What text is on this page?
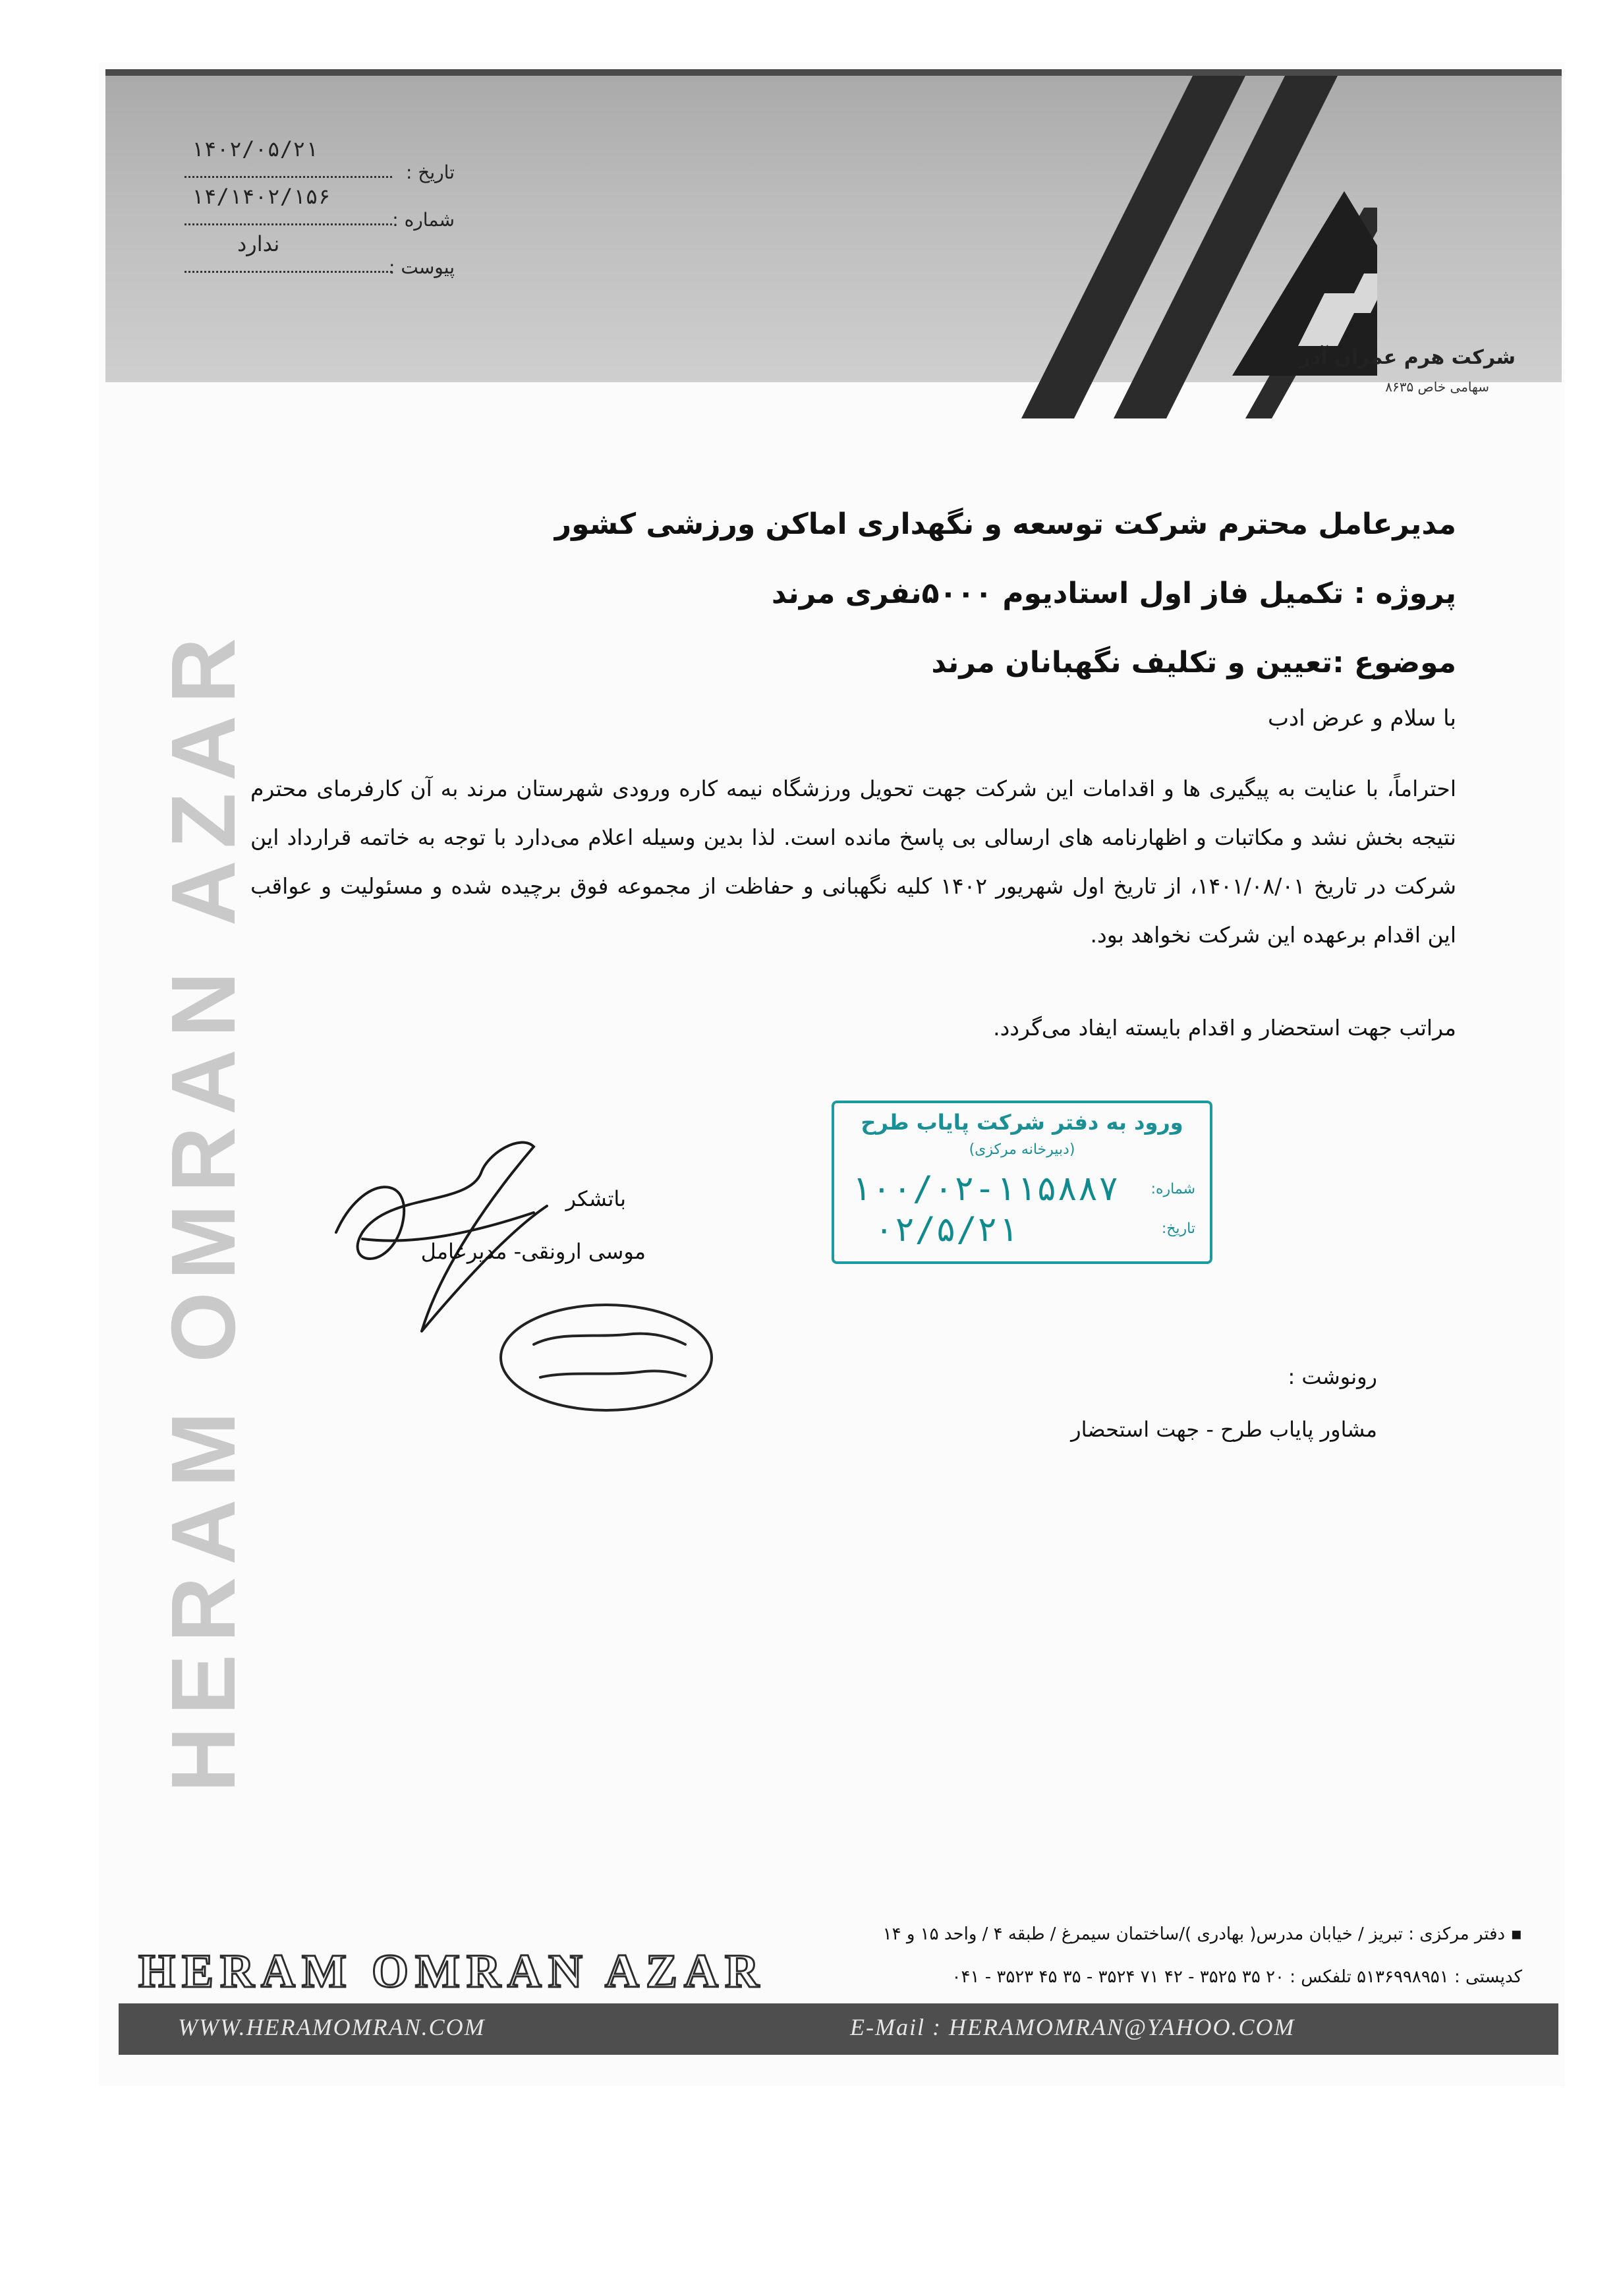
تاریخ :
۱۴۰۲/۰۵/۲۱
شماره :
۱۴/۱۴۰۲/۱۵۶
پیوست :
ندارد
شرکت هرم عمران آذر
سهامی خاص ۸۶۳۵
HERAM OMRAN AZAR
مدیرعامل محترم شرکت توسعه و نگهداری اماکن ورزشی کشور
پروژه : تکمیل فاز اول استادیوم ۵۰۰۰نفری مرند
موضوع :تعیین و تکلیف نگهبانان مرند
با سلام و عرض ادب
احتراماً، با عنایت به پیگیری ها و اقدامات این شرکت جهت تحویل ورزشگاه نیمه کاره ورودی شهرستان مرند به آن کارفرمای محترم نتیجه بخش نشد و مکاتبات و اظهارنامه های ارسالی بی پاسخ مانده است. لذا بدین وسیله اعلام می‌دارد با توجه به خاتمه قرارداد این شرکت در تاریخ ۱۴۰۱/۰۸/۰۱، از تاریخ اول شهریور ۱۴۰۲ کلیه نگهبانی و حفاظت از مجموعه فوق برچیده شده و مسئولیت و عواقب این اقدام برعهده این شرکت نخواهد بود.
مراتب جهت استحضار و اقدام بایسته ایفاد می‌گردد.
ورود به دفتر شرکت پایاب طرح
(دبیرخانه مرکزی)
شماره:
۱۰۰/۰۲-۱۱۵۸۸۷
تاریخ:
۰۲/۵/۲۱
باتشکر
موسی ارونقی- مدیرعامل
رونوشت :
مشاور پایاب طرح - جهت استحضار
HERAM OMRAN AZAR
▪ دفتر مرکزی : تبریز / خیابان مدرس( بهادری )/ساختمان سیمرغ / طبقه ۴ / واحد ۱۵ و ۱۴
کدپستی : ۵۱۳۶۹۹۸۹۵۱ تلفکس : ۲۰ ۳۵ ۳۵۲۵ - ۴۲ ۷۱ ۳۵۲۴ - ۳۵ ۴۵ ۳۵۲۳ - ۰۴۱
WWW.HERAMOMRAN.COM	E-Mail : HERAMOMRAN@YAHOO.COM
